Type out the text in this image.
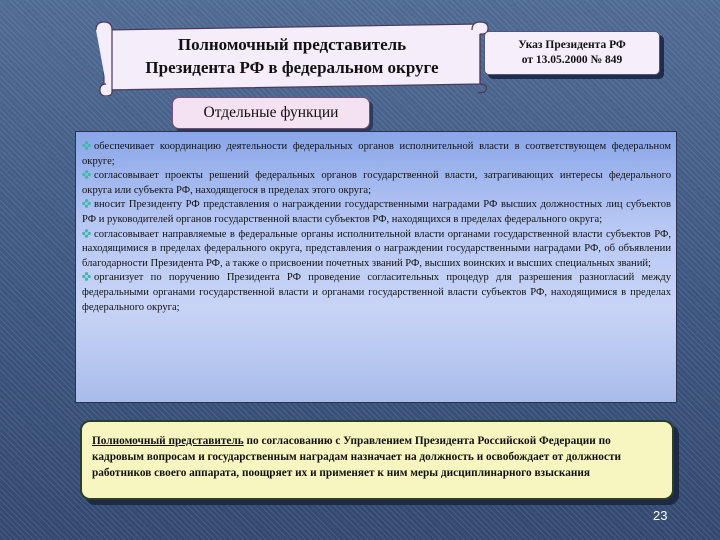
Полномочный представитель
Президента РФ в федеральном округе
Указ Президента РФ
от 13.05.2000 № 849
Отдельные функции

обеспечивает координацию деятельности федеральных органов исполнительной власти в соответствующем федеральном округе;

согласовывает проекты решений федеральных органов государственной власти, затрагивающих интересы федерального округа или субъекта РФ, находящегося в пределах этого округа;

вносит Президенту РФ представления о награждении государственными наградами РФ высших должностных лиц субъектов РФ и руководителей органов государственной власти субъектов РФ, находящихся в пределах федерального округа;

согласовывает направляемые в федеральные органы исполнительной власти органами государственной власти субъектов РФ, находящимися в пределах федерального округа, представления о награждении государственными наградами РФ, об объявлении благодарности Президента РФ, а также о присвоении почетных званий РФ, высших воинских и высших специальных званий;

организует по поручению Президента РФ проведение согласительных процедур для разрешения разногласий между федеральными органами государственной власти и органами государственной власти субъектов РФ, находящимися в пределах федерального округа;

Полномочный представитель по согласованию с Управлением Президента Российской Федерации по кадровым вопросам и государственным наградам назначает на должность и освобождает от должности работников своего аппарата, поощряет их и применяет к ним меры дисциплинарного взыскания
23
